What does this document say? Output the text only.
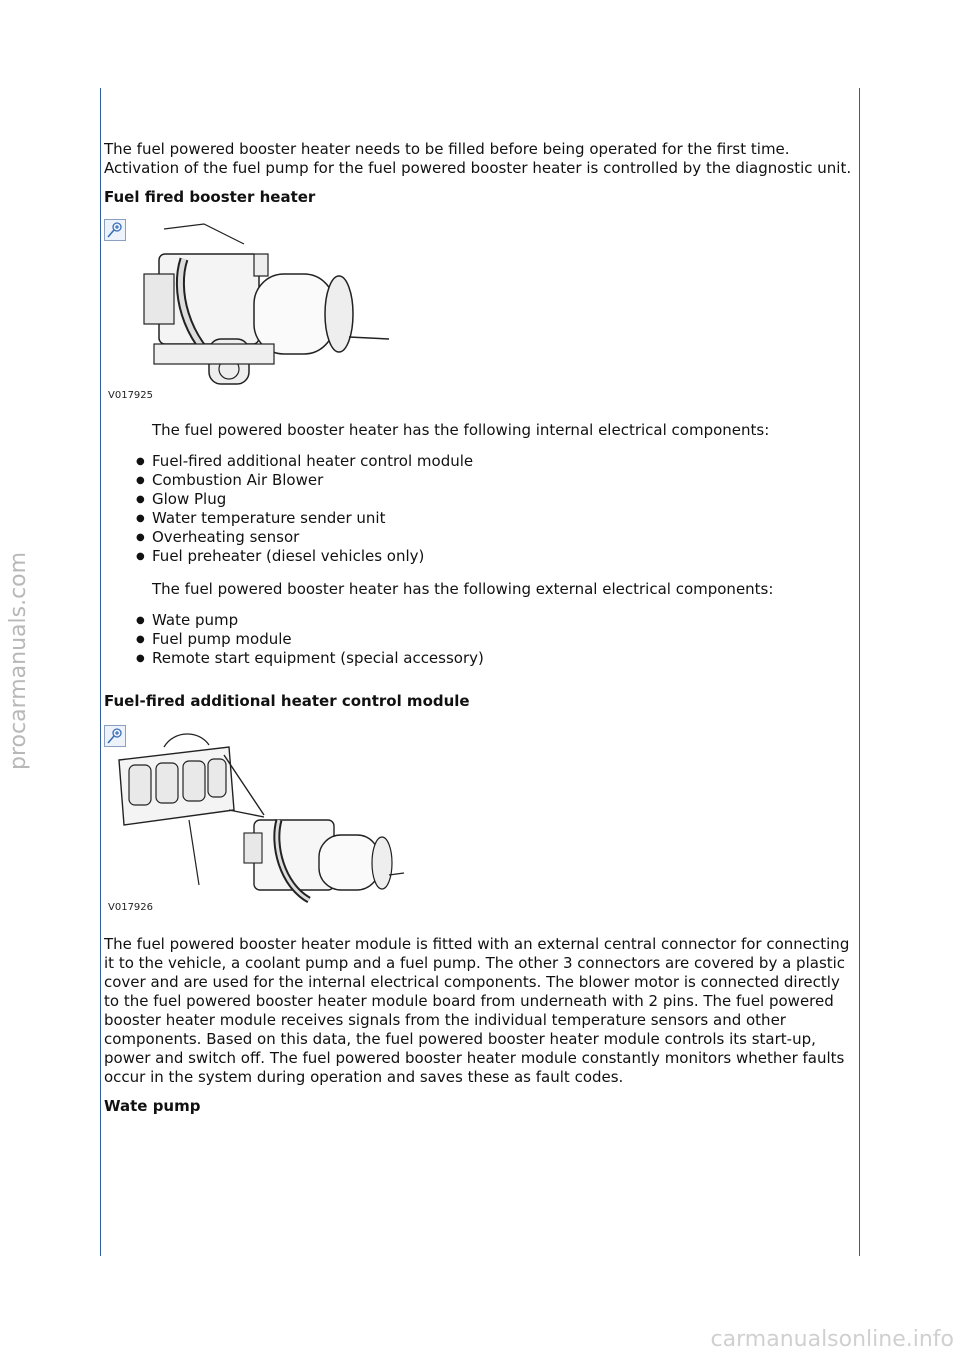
The fuel powered booster heater needs to be filled before being operated for the first time. Activation of the fuel pump for the fuel powered booster heater is controlled by the diagnostic unit.

Fuel fired booster heater
V017925

The fuel powered booster heater has the following internal electrical components:

● Fuel-fired additional heater control module
● Combustion Air Blower
● Glow Plug
● Water temperature sender unit
● Overheating sensor
● Fuel preheater (diesel vehicles only)

The fuel powered booster heater has the following external electrical components:

● Wate pump
● Fuel pump module
● Remote start equipment (special accessory)
Fuel-fired additional heater control module
V017926

The fuel powered booster heater module is fitted with an external central connector for connecting it to the vehicle, a coolant pump and a fuel pump. The other 3 connectors are covered by a plastic cover and are used for the internal electrical components. The blower motor is connected directly to the fuel powered booster heater module board from underneath with 2 pins. The fuel powered booster heater module receives signals from the individual temperature sensors and other components. Based on this data, the fuel powered booster heater module controls its start-up, power and switch off. The fuel powered booster heater module constantly monitors whether faults occur in the system during operation and saves these as fault codes.

Wate pump
procarmanuals.com
carmanualsonline.info
